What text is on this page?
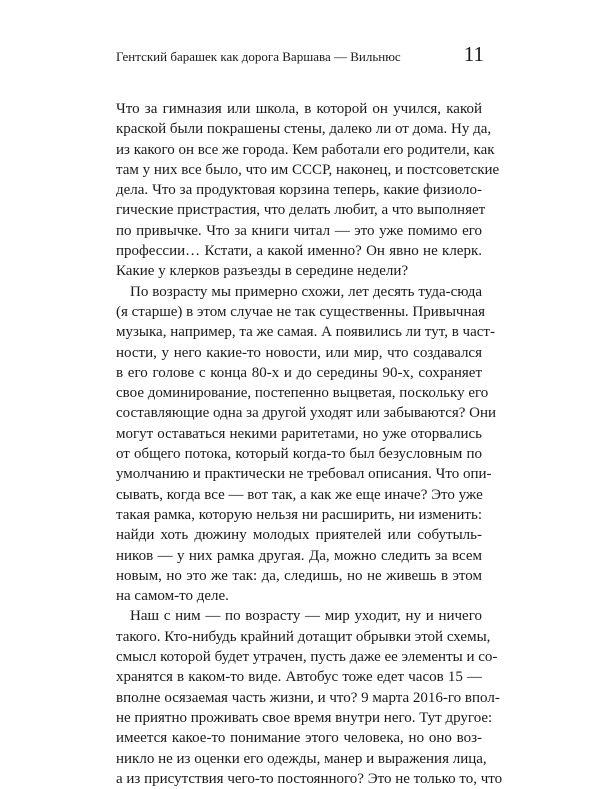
Гентский барашек как дорога Варшава — Вильнюс	11
Что за гимназия или школа, в которой он учился, какой
краской были покрашены стены, далеко ли от дома. Ну да,
из какого он все же города. Кем работали его родители, как
там у них все было, что им СССР, наконец, и постсоветские
дела. Что за продуктовая корзина теперь, какие физиоло-
гические пристрастия, что делать любит, а что выполняет
по привычке. Что за книги читал — это уже помимо его
профессии… Кстати, а какой именно? Он явно не клерк.
Какие у клерков разъезды в середине недели?
По возрасту мы примерно схожи, лет десять туда-сюда
(я старше) в этом случае не так существенны. Привычная
музыка, например, та же самая. А появились ли тут, в част-
ности, у него какие-то новости, или мир, что создавался
в его голове с конца 80-х и до середины 90-х, сохраняет
свое доминирование, постепенно выцветая, поскольку его
составляющие одна за другой уходят или забываются? Они
могут оставаться некими раритетами, но уже оторвались
от общего потока, который когда-то был безусловным по
умолчанию и практически не требовал описания. Что опи-
сывать, когда все — вот так, а как же еще иначе? Это уже
такая рамка, которую нельзя ни расширить, ни изменить:
найди хоть дюжину молодых приятелей или собутыль-
ников — у них рамка другая. Да, можно следить за всем
новым, но это же так: да, следишь, но не живешь в этом
на самом-то деле.
Наш с ним — по возрасту — мир уходит, ну и ничего
такого. Кто-нибудь крайний дотащит обрывки этой схемы,
смысл которой будет утрачен, пусть даже ее элементы и со-
хранятся в каком-то виде. Автобус тоже едет часов 15 —
вполне осязаемая часть жизни, и что? 9 марта 2016-го впол-
не приятно проживать свое время внутри него. Тут другое:
имеется какое-то понимание этого человека, но оно воз-
никло не из оценки его одежды, манер и выражения лица,
а из присутствия чего-то постоянного? Это не только то, что
